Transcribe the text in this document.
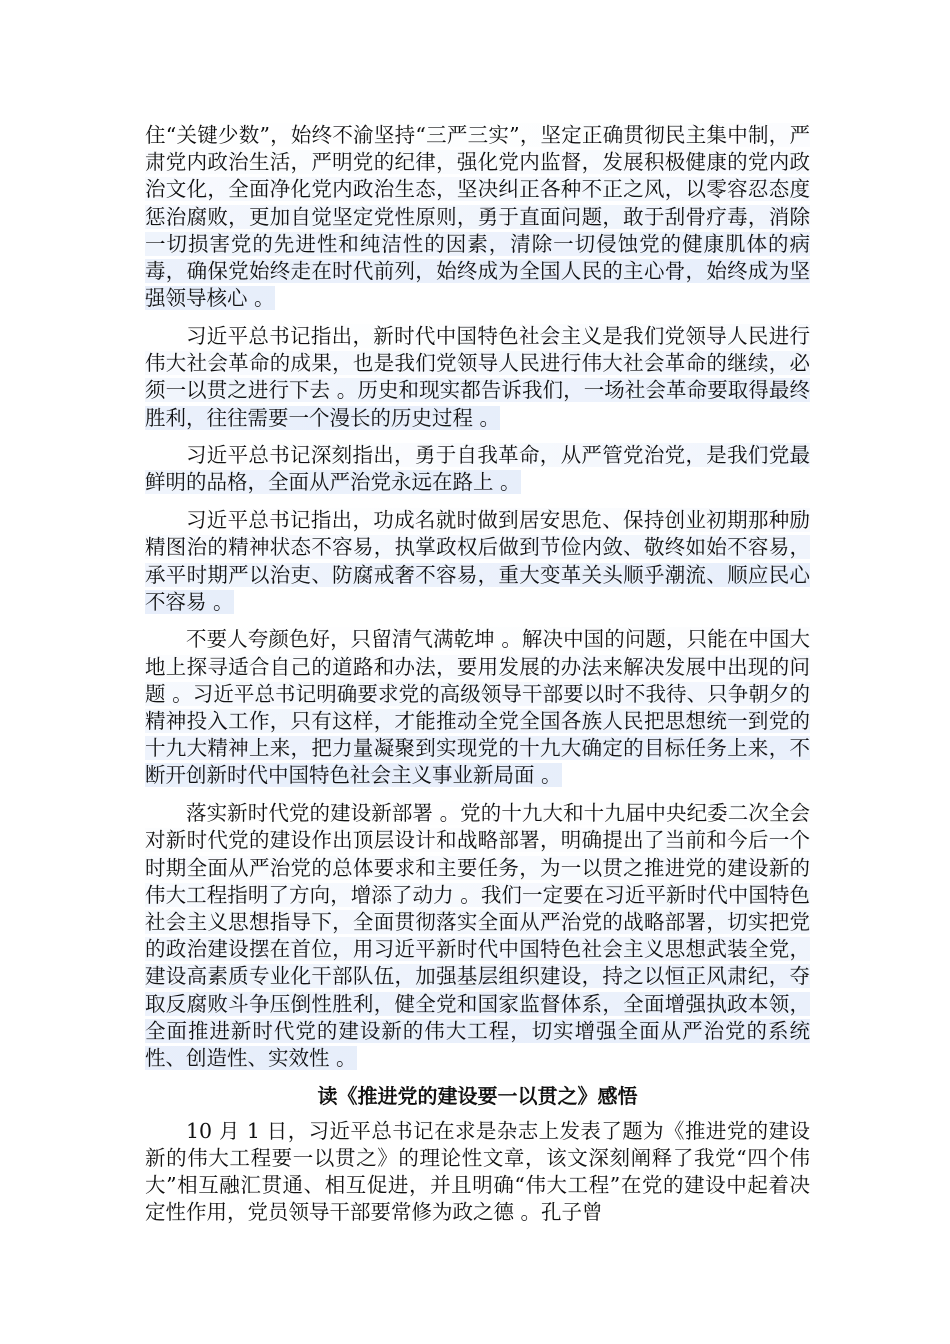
住“关键少数”，始终不渝坚持“三严三实”，坚定正确贯彻民主集中制，严肃党内政治生活，严明党的纪律，强化党内监督，发展积极健康的党内政治文化，全面净化党内政治生态，坚决纠正各种不正之风，以零容忍态度惩治腐败，更加自觉坚定党性原则，勇于直面问题，敢于刮骨疗毒，消除一切损害党的先进性和纯洁性的因素，清除一切侵蚀党的健康肌体的病毒，确保党始终走在时代前列，始终成为全国人民的主心骨，始终成为坚强领导核心 。

习近平总书记指出，新时代中国特色社会主义是我们党领导人民进行伟大社会革命的成果，也是我们党领导人民进行伟大社会革命的继续，必须一以贯之进行下去 。历史和现实都告诉我们，一场社会革命要取得最终胜利，往往需要一个漫长的历史过程 。

习近平总书记深刻指出，勇于自我革命，从严管党治党，是我们党最鲜明的品格，全面从严治党永远在路上 。

习近平总书记指出，功成名就时做到居安思危、保持创业初期那种励精图治的精神状态不容易，执掌政权后做到节俭内敛、敬终如始不容易，承平时期严以治吏、防腐戒奢不容易，重大变革关头顺乎潮流、顺应民心不容易 。

不要人夸颜色好，只留清气满乾坤 。解决中国的问题，只能在中国大地上探寻适合自己的道路和办法，要用发展的办法来解决发展中出现的问题 。习近平总书记明确要求党的高级领导干部要以时不我待、只争朝夕的精神投入工作，只有这样，才能推动全党全国各族人民把思想统一到党的十九大精神上来，把力量凝聚到实现党的十九大确定的目标任务上来，不断开创新时代中国特色社会主义事业新局面 。

落实新时代党的建设新部署 。党的十九大和十九届中央纪委二次全会对新时代党的建设作出顶层设计和战略部署，明确提出了当前和今后一个时期全面从严治党的总体要求和主要任务，为一以贯之推进党的建设新的伟大工程指明了方向，增添了动力 。我们一定要在习近平新时代中国特色社会主义思想指导下，全面贯彻落实全面从严治党的战略部署，切实把党的政治建设摆在首位，用习近平新时代中国特色社会主义思想武装全党，建设高素质专业化干部队伍，加强基层组织建设，持之以恒正风肃纪，夺取反腐败斗争压倒性胜利，健全党和国家监督体系，全面增强执政本领，全面推进新时代党的建设新的伟大工程，切实增强全面从严治党的系统性、创造性、实效性 。

读《推进党的建设要一以贯之》感悟

10 月 1 日，习近平总书记在求是杂志上发表了题为《推进党的建设新的伟大工程要一以贯之》的理论性文章，该文深刻阐释了我党“四个伟大”相互融汇贯通、相互促进，并且明确“伟大工程”在党的建设中起着决定性作用，党员领导干部要常修为政之德 。孔子曾
